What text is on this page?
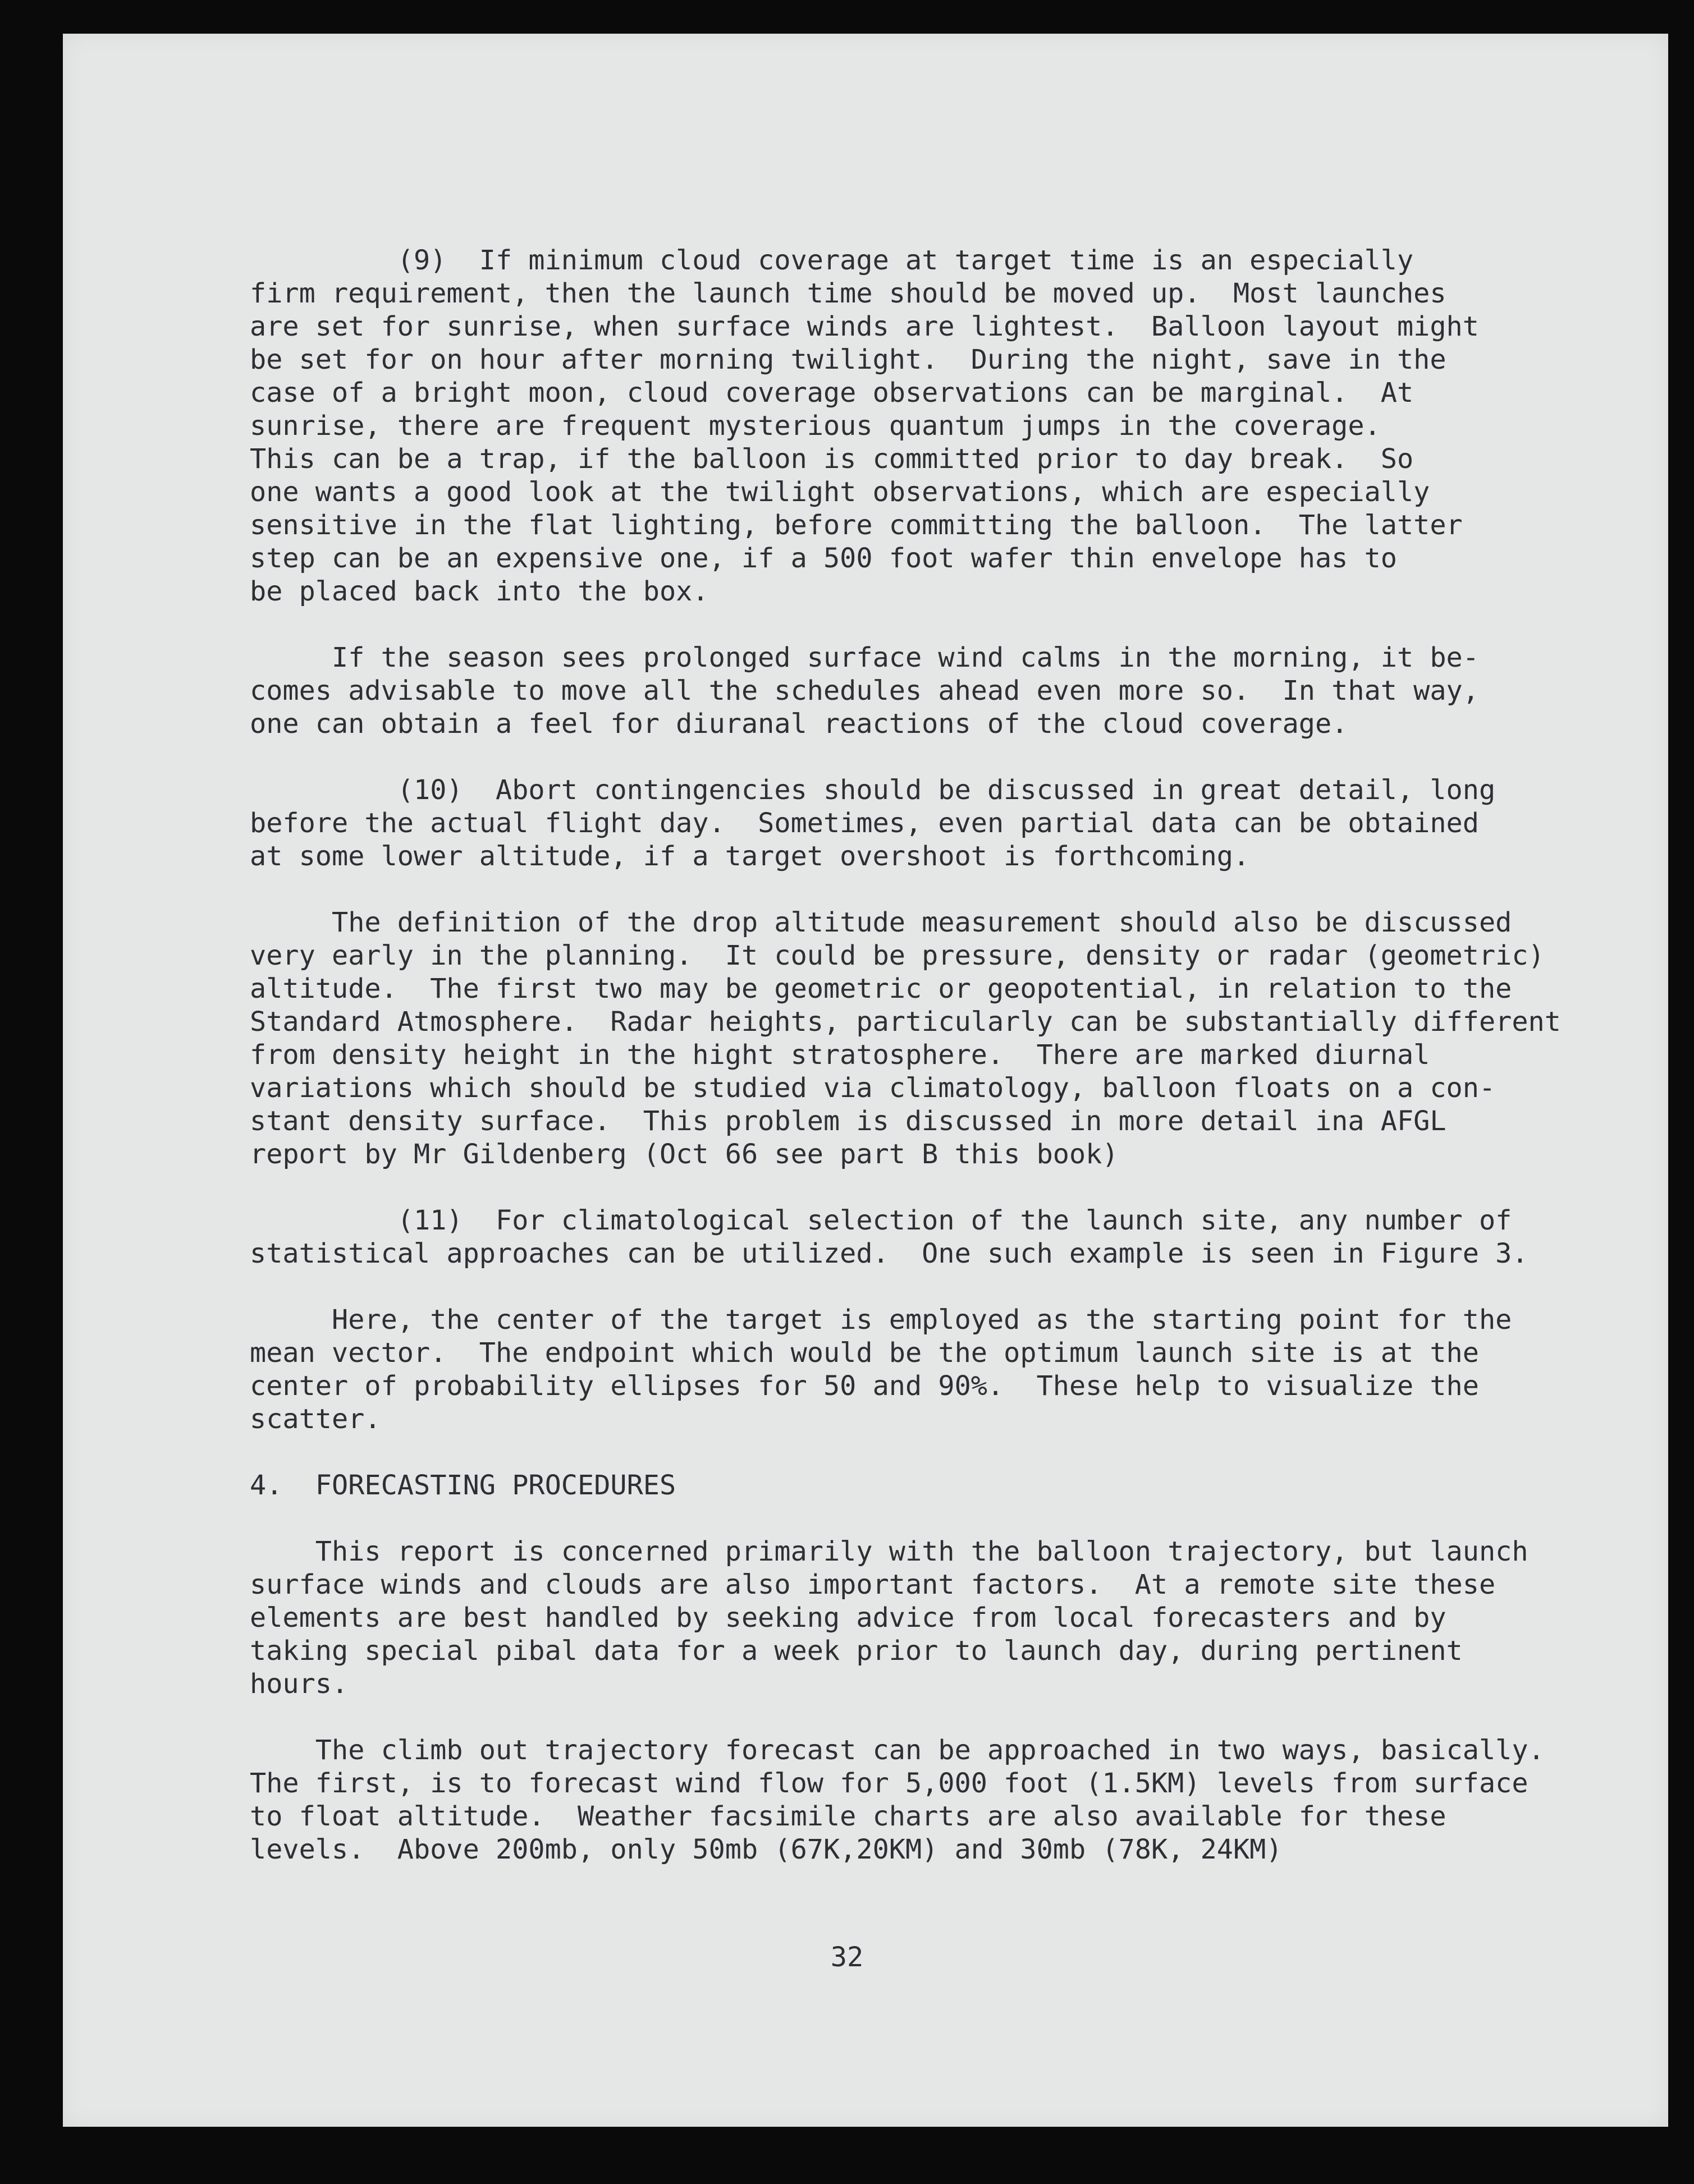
(9)  If minimum cloud coverage at target time is an especially
firm requirement, then the launch time should be moved up.  Most launches
are set for sunrise, when surface winds are lightest.  Balloon layout might
be set for on hour after morning twilight.  During the night, save in the
case of a bright moon, cloud coverage observations can be marginal.  At
sunrise, there are frequent mysterious quantum jumps in the coverage.
This can be a trap, if the balloon is committed prior to day break.  So
one wants a good look at the twilight observations, which are especially
sensitive in the flat lighting, before committing the balloon.  The latter
step can be an expensive one, if a 500 foot wafer thin envelope has to
be placed back into the box.
If the season sees prolonged surface wind calms in the morning, it be-
comes advisable to move all the schedules ahead even more so.  In that way,
one can obtain a feel for diuranal reactions of the cloud coverage.
(10)  Abort contingencies should be discussed in great detail, long
before the actual flight day.  Sometimes, even partial data can be obtained
at some lower altitude, if a target overshoot is forthcoming.
The definition of the drop altitude measurement should also be discussed
very early in the planning.  It could be pressure, density or radar (geometric)
altitude.  The first two may be geometric or geopotential, in relation to the
Standard Atmosphere.  Radar heights, particularly can be substantially different
from density height in the hight stratosphere.  There are marked diurnal
variations which should be studied via climatology, balloon floats on a con-
stant density surface.  This problem is discussed in more detail ina AFGL
report by Mr Gildenberg (Oct 66 see part B this book)
(11)  For climatological selection of the launch site, any number of
statistical approaches can be utilized.  One such example is seen in Figure 3.
Here, the center of the target is employed as the starting point for the
mean vector.  The endpoint which would be the optimum launch site is at the
center of probability ellipses for 50 and 90%.  These help to visualize the
scatter.
4.  FORECASTING PROCEDURES
This report is concerned primarily with the balloon trajectory, but launch
surface winds and clouds are also important factors.  At a remote site these
elements are best handled by seeking advice from local forecasters and by
taking special pibal data for a week prior to launch day, during pertinent
hours.
The climb out trajectory forecast can be approached in two ways, basically.
The first, is to forecast wind flow for 5,000 foot (1.5KM) levels from surface
to float altitude.  Weather facsimile charts are also available for these
levels.  Above 200mb, only 50mb (67K,20KM) and 30mb (78K, 24KM)
32
